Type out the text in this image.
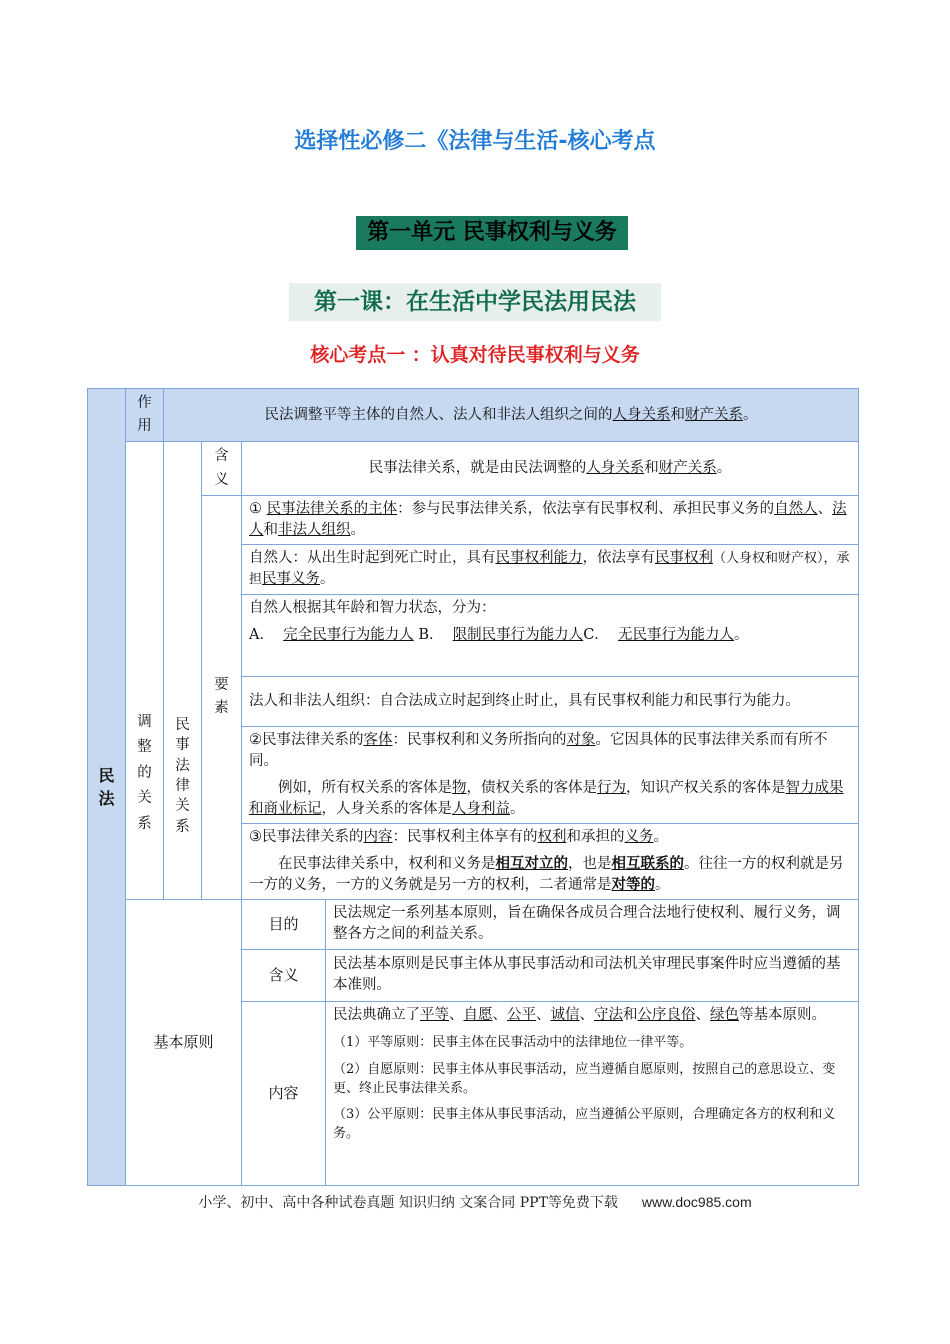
选择性必修二《法律与生活-核心考点
第一单元 民事权利与义务
第一课：在生活中学民法用民法
核心考点一 ：认真对待民事权利与义务
民法	作用	民法调整平等主体的自然人、法人和非法人组织之间的人身关系和财产关系。			

	调整的关系	民事法律关系	含义	民事法律关系，就是由民法调整的人身关系和财产关系。	

			要素	① 民事法律关系的主体：参与民事法律关系，依法享有民事权利、承担民事义务的自然人、法人和非法人组织。	
				自然人：从出生时起到死亡时止，具有民事权利能力，依法享有民事权利（人身权和财产权），承担民事义务。	

				自然人根据其年龄和智力状态，分为：

A． 完全民事行为能力人 B． 限制民事行为能力人C． 无民事行为能力人。	

				法人和非法人组织：自合法成立时起到终止时止，具有民事权利能力和民事行为能力。	
				②民事法律关系的客体：民事权利和义务所指向的对象。它因具体的民事法律关系而有所不同。	

				例如，所有权关系的客体是物，债权关系的客体是行为，知识产权关系的客体是智力成果和商业标记，人身关系的客体是人身利益。	

				③民事法律关系的内容：民事权利主体享有的权利和承担的义务。	

				在民事法律关系中，权利和义务是相互对立的，也是相互联系的。往往一方的权利就是另一方的义务，一方的义务就是另一方的权利，二者通常是对等的。	

	基本原则			目的	民法规定一系列基本原则，旨在确保各成员合理合法地行使权利、履行义务，调整各方之间的利益关系。
				含义	民法基本原则是民事主体从事民事活动和司法机关审理民事案件时应当遵循的基本准则。
				内容	民法典确立了平等、自愿、公平、诚信、守法和公序良俗、绿色等基本原则。

（1）平等原则：民事主体在民事活动中的法律地位一律平等。

（2）自愿原则：民事主体从事民事活动，应当遵循自愿原则，按照自己的意思设立、变更、终止民事法律关系。

（3）公平原则：民事主体从事民事活动，应当遵循公平原则，合理确定各方的权利和义务。

小学、初中、高中各种试卷真题 知识归纳 文案合同 PPT等免费下载 www.doc985.com
